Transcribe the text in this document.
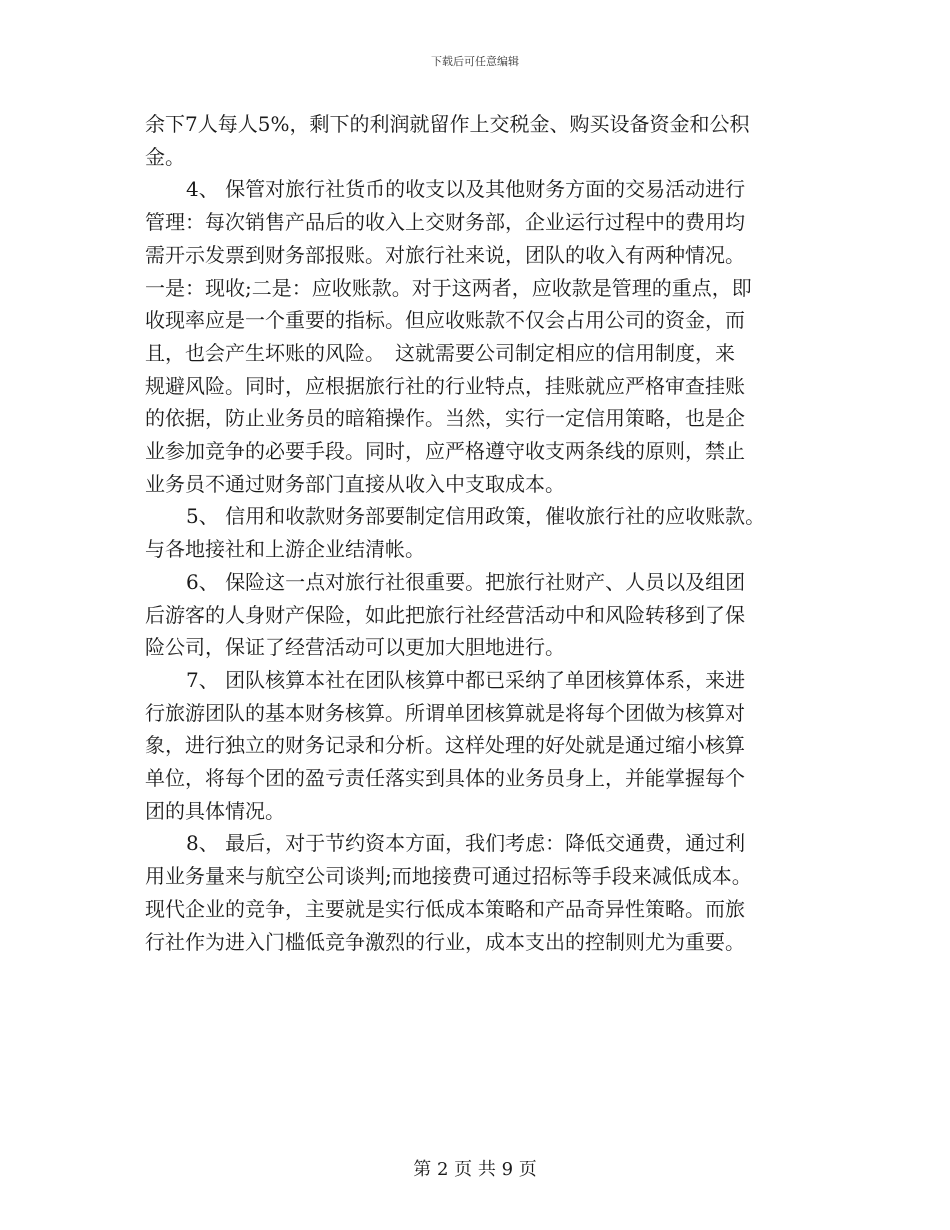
下载后可任意编辑
余下7人每人5%，剩下的利润就留作上交税金、购买设备资金和公积
金。
4、 保管对旅行社货币的收支以及其他财务方面的交易活动进行
管理：每次销售产品后的收入上交财务部，企业运行过程中的费用均
需开示发票到财务部报账。对旅行社来说，团队的收入有两种情况。
一是：现收;二是：应收账款。对于这两者，应收款是管理的重点，即
收现率应是一个重要的指标。但应收账款不仅会占用公司的资金，而
且，也会产生坏账的风险。　这就需要公司制定相应的信用制度，来
规避风险。同时，应根据旅行社的行业特点，挂账就应严格审查挂账
的依据，防止业务员的暗箱操作。当然，实行一定信用策略，也是企
业参加竞争的必要手段。同时，应严格遵守收支两条线的原则，禁止
业务员不通过财务部门直接从收入中支取成本。
5、 信用和收款财务部要制定信用政策，催收旅行社的应收账款。
与各地接社和上游企业结清帐。
6、 保险这一点对旅行社很重要。把旅行社财产、人员以及组团
后游客的人身财产保险，如此把旅行社经营活动中和风险转移到了保
险公司，保证了经营活动可以更加大胆地进行。
7、 团队核算本社在团队核算中都已采纳了单团核算体系，来进
行旅游团队的基本财务核算。所谓单团核算就是将每个团做为核算对
象，进行独立的财务记录和分析。这样处理的好处就是通过缩小核算
单位，将每个团的盈亏责任落实到具体的业务员身上，并能掌握每个
团的具体情况。
8、 最后，对于节约资本方面，我们考虑：降低交通费，通过利
用业务量来与航空公司谈判;而地接费可通过招标等手段来减低成本。
现代企业的竞争，主要就是实行低成本策略和产品奇异性策略。而旅
行社作为进入门槛低竞争激烈的行业，成本支出的控制则尤为重要。
第 2 页 共 9 页
